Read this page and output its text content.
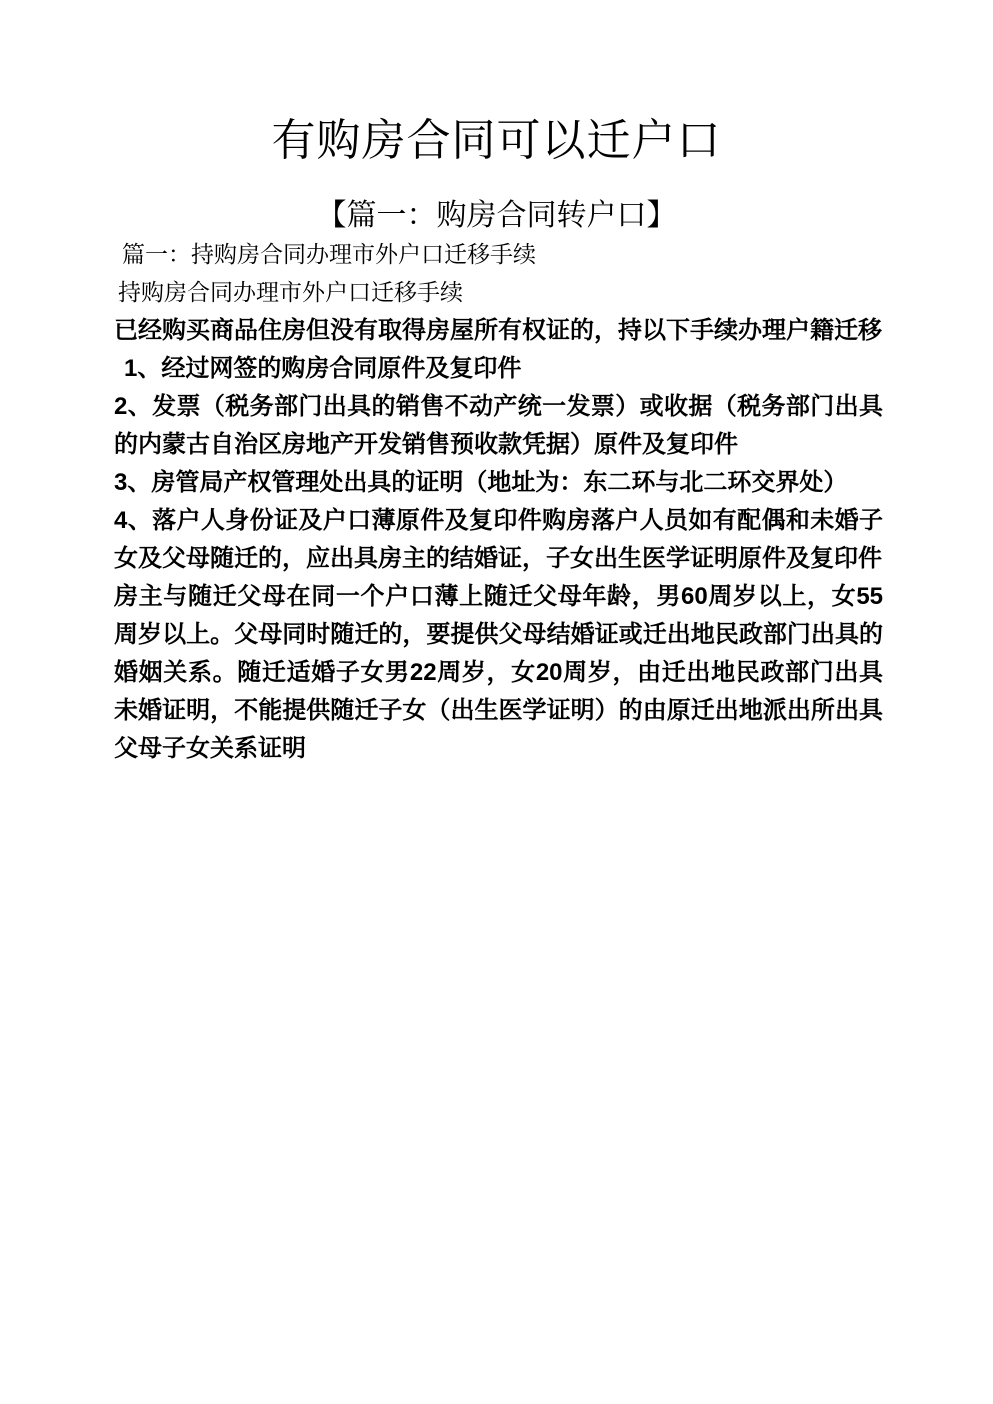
有购房合同可以迁户口
【篇一：购房合同转户口】

篇一：持购房合同办理市外户口迁移手续

持购房合同办理市外户口迁移手续

已经购买商品住房但没有取得房屋所有权证的，持以下手续办理户籍迁移

1、经过网签的购房合同原件及复印件

2、发票（税务部门出具的销售不动产统一发票）或收据（税务部门出具的内蒙古自治区房地产开发销售预收款凭据）原件及复印件

3、房管局产权管理处出具的证明（地址为：东二环与北二环交界处）

4、落户人身份证及户口薄原件及复印件购房落户人员如有配偶和未婚子女及父母随迁的，应出具房主的结婚证，子女出生医学证明原件及复印件

房主与随迁父母在同一个户口薄上随迁父母年龄，男60周岁以上，女55周岁以上。父母同时随迁的，要提供父母结婚证或迁出地民政部门出具的婚姻关系。随迁适婚子女男22周岁，女20周岁，由迁出地民政部门出具未婚证明，不能提供随迁子女（出生医学证明）的由原迁出地派出所出具父母子女关系证明
